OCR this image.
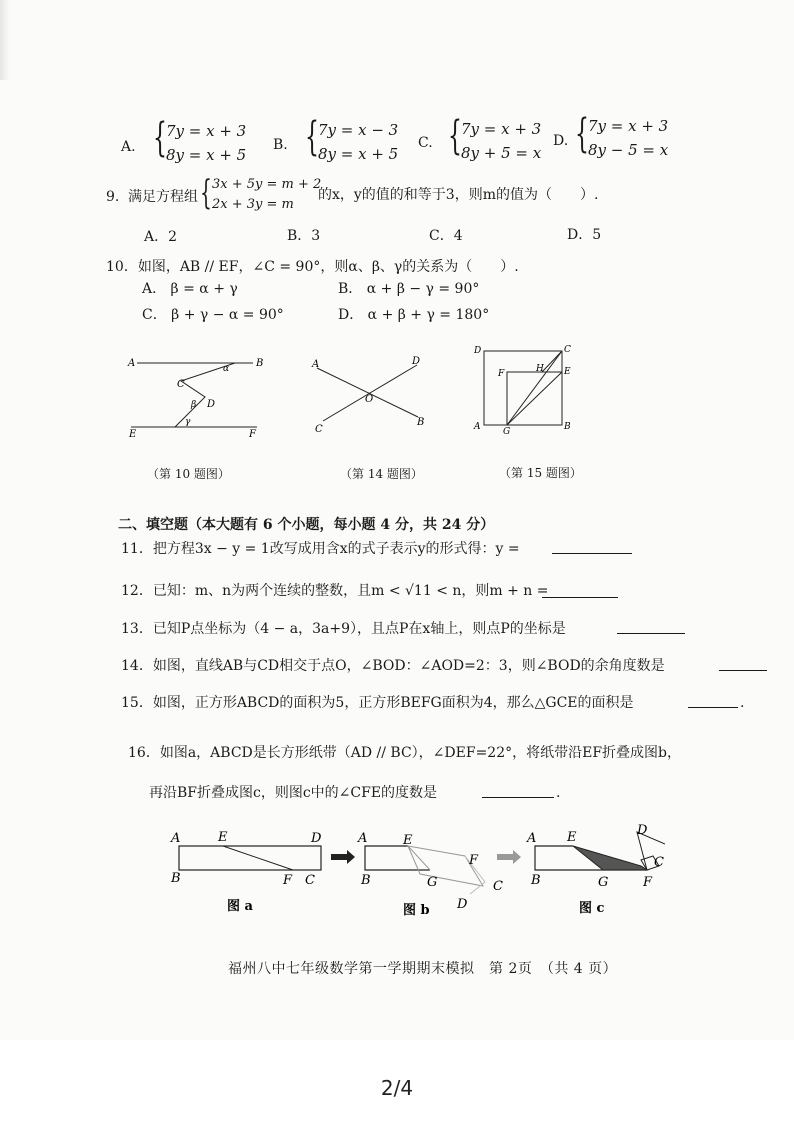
A. { 7y = x + 3
8y = x + 5
B. { 7y = x − 3
8y = x + 5
C. { 7y = x + 3
8y + 5 = x
D. { 7y = x + 3
8y − 5 = x
9. 满足方程组 { 3x + 5y = m + 2
2x + 3y = m
的x，y的值的和等于3，则m的值为（　　）.
A．2	B．3	C．4	D．5
10．如图，AB // EF，∠C = 90°，则α、β、γ的关系为（　　）.
A． β = α + γ	B． α + β − γ = 90°
C． β + γ − α = 90°	D． α + β + γ = 180°
A	B
C
D
E	F
α
β
γ
A	D
C
B
O
D	C
F	H E
A	G	B
（第 10 题图）	（第 14 题图）	（第 15 题图）
二、填空题（本大题有 6 个小题，每小题 4 分，共 24 分）
11．把方程3x − y = 1改写成用含x的式子表示y的形式得：y =
12．已知：m、n为两个连续的整数，且m < √11 < n，则m + n =
13．已知P点坐标为（4 − a，3a+9），且点P在x轴上，则点P的坐标是
14．如图，直线AB与CD相交于点O，∠BOD：∠AOD=2：3，则∠BOD的余角度数是
15．如图，正方形ABCD的面积为5，正方形BEFG面积为4，那么△GCE的面积是	.
16．如图a，ABCD是长方形纸带（AD // BC），∠DEF=22°，将纸带沿EF折叠成图b，
再沿BF折叠成图c，则图c中的∠CFE的度数是	.
A	E	D
B	F C
图 a
A	E
F
B	G	C
D
图 b
A E	D
C
B	G	F
图 c
福州八中七年级数学第一学期期末模拟　第 2页　（共 4 页）
2/4
